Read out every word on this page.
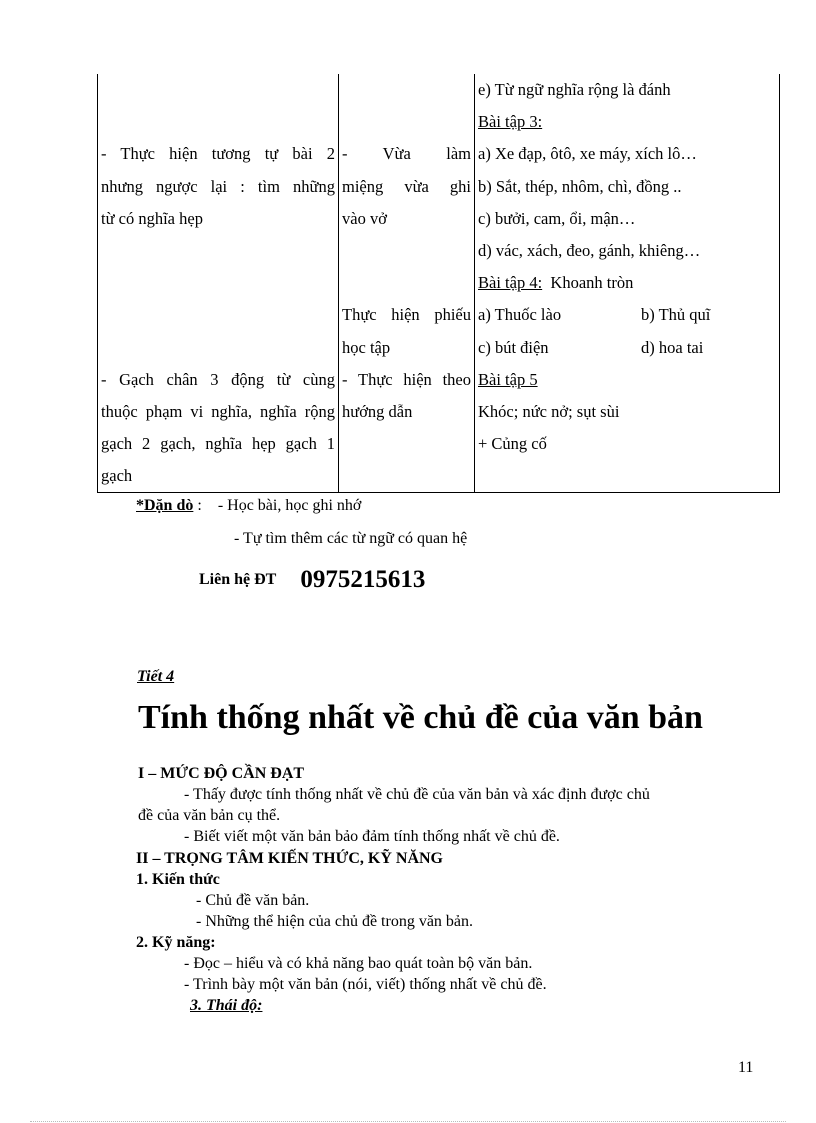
- Thực hiện tương tự bài 2
nhưng ngược lại : tìm những
từ có nghĩa hẹp
- Gạch chân 3 động từ cùng
thuộc phạm vi nghĩa, nghĩa rộng
gạch 2 gạch, nghĩa hẹp gạch 1
gạch

- Vừa làm
miệng vừa ghi
vào vở
Thực hiện phiếu
học tập
- Thực hiện theo
hướng dẫn

e) Từ ngữ nghĩa rộng là đánh
Bài tập 3:
a) Xe đạp, ôtô, xe máy, xích lô…
b) Sắt, thép, nhôm, chì, đồng ..
c) bưởi, cam, ổi, mận…
d) vác, xách, đeo, gánh, khiêng…
Bài tập 4: Khoanh tròn
a) Thuốc lào	b) Thủ quĩ
c) bút điện	d) hoa tai
Bài tập 5
Khóc; nức nở; sụt sùi
+ Củng cố
*Dặn dò : - Học bài, học ghi nhớ
- Tự tìm thêm các từ ngữ có quan hệ
Liên hệ ĐT 0975215613
Tiết 4
Tính thống nhất về chủ đề của văn bản
I – MỨC ĐỘ CẦN ĐẠT
- Thấy được tính thống nhất về chủ đề của văn bản và xác định được chủ
đề của văn bản cụ thể.
- Biết viết một văn bản bảo đảm tính thống nhất về chủ đề.
II – TRỌNG TÂM KIẾN THỨC, KỸ NĂNG
1. Kiến thức
- Chủ đề văn bản.
- Những thể hiện của chủ đề trong văn bản.
2. Kỹ năng:
- Đọc – hiểu và có khả năng bao quát toàn bộ văn bản.
- Trình bày một văn bản (nói, viết) thống nhất về chủ đề.
3. Thái độ:
11
